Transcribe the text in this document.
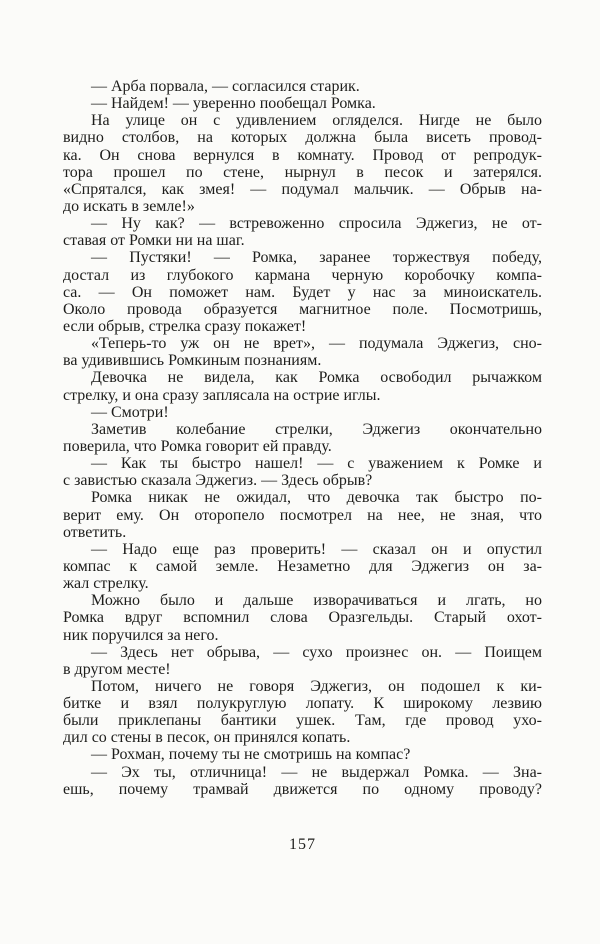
— Арба порвала, — согласился старик.
— Найдем! — уверенно пообещал Ромка.
На улице он с удивлением огляделся. Нигде не было
видно столбов, на которых должна была висеть провод-
ка. Он снова вернулся в комнату. Провод от репродук-
тора прошел по стене, нырнул в песок и затерялся.
«Спрятался, как змея! — подумал мальчик. — Обрыв на-
до искать в земле!»
— Ну как? — встревоженно спросила Эджегиз, не от-
ставая от Ромки ни на шаг.
— Пустяки! — Ромка, заранее торжествуя победу,
достал из глубокого кармана черную коробочку компа-
са. — Он поможет нам. Будет у нас за миноискатель.
Около провода образуется магнитное поле. Посмотришь,
если обрыв, стрелка сразу покажет!
«Теперь-то уж он не врет», — подумала Эджегиз, сно-
ва удивившись Ромкиным познаниям.
Девочка не видела, как Ромка освободил рычажком
стрелку, и она сразу заплясала на острие иглы.
— Смотри!
Заметив колебание стрелки, Эджегиз окончательно
поверила, что Ромка говорит ей правду.
— Как ты быстро нашел! — с уважением к Ромке и
с завистью сказала Эджегиз. — Здесь обрыв?
Ромка никак не ожидал, что девочка так быстро по-
верит ему. Он оторопело посмотрел на нее, не зная, что
ответить.
— Надо еще раз проверить! — сказал он и опустил
компас к самой земле. Незаметно для Эджегиз он за-
жал стрелку.
Можно было и дальше изворачиваться и лгать, но
Ромка вдруг вспомнил слова Оразгельды. Старый охот-
ник поручился за него.
— Здесь нет обрыва, — сухо произнес он. — Поищем
в другом месте!
Потом, ничего не говоря Эджегиз, он подошел к ки-
битке и взял полукруглую лопату. К широкому лезвию
были приклепаны бантики ушек. Там, где провод ухо-
дил со стены в песок, он принялся копать.
— Рохман, почему ты не смотришь на компас?
— Эх ты, отличница! — не выдержал Ромка. — Зна-
ешь, почему трамвай движется по одному проводу?
157
